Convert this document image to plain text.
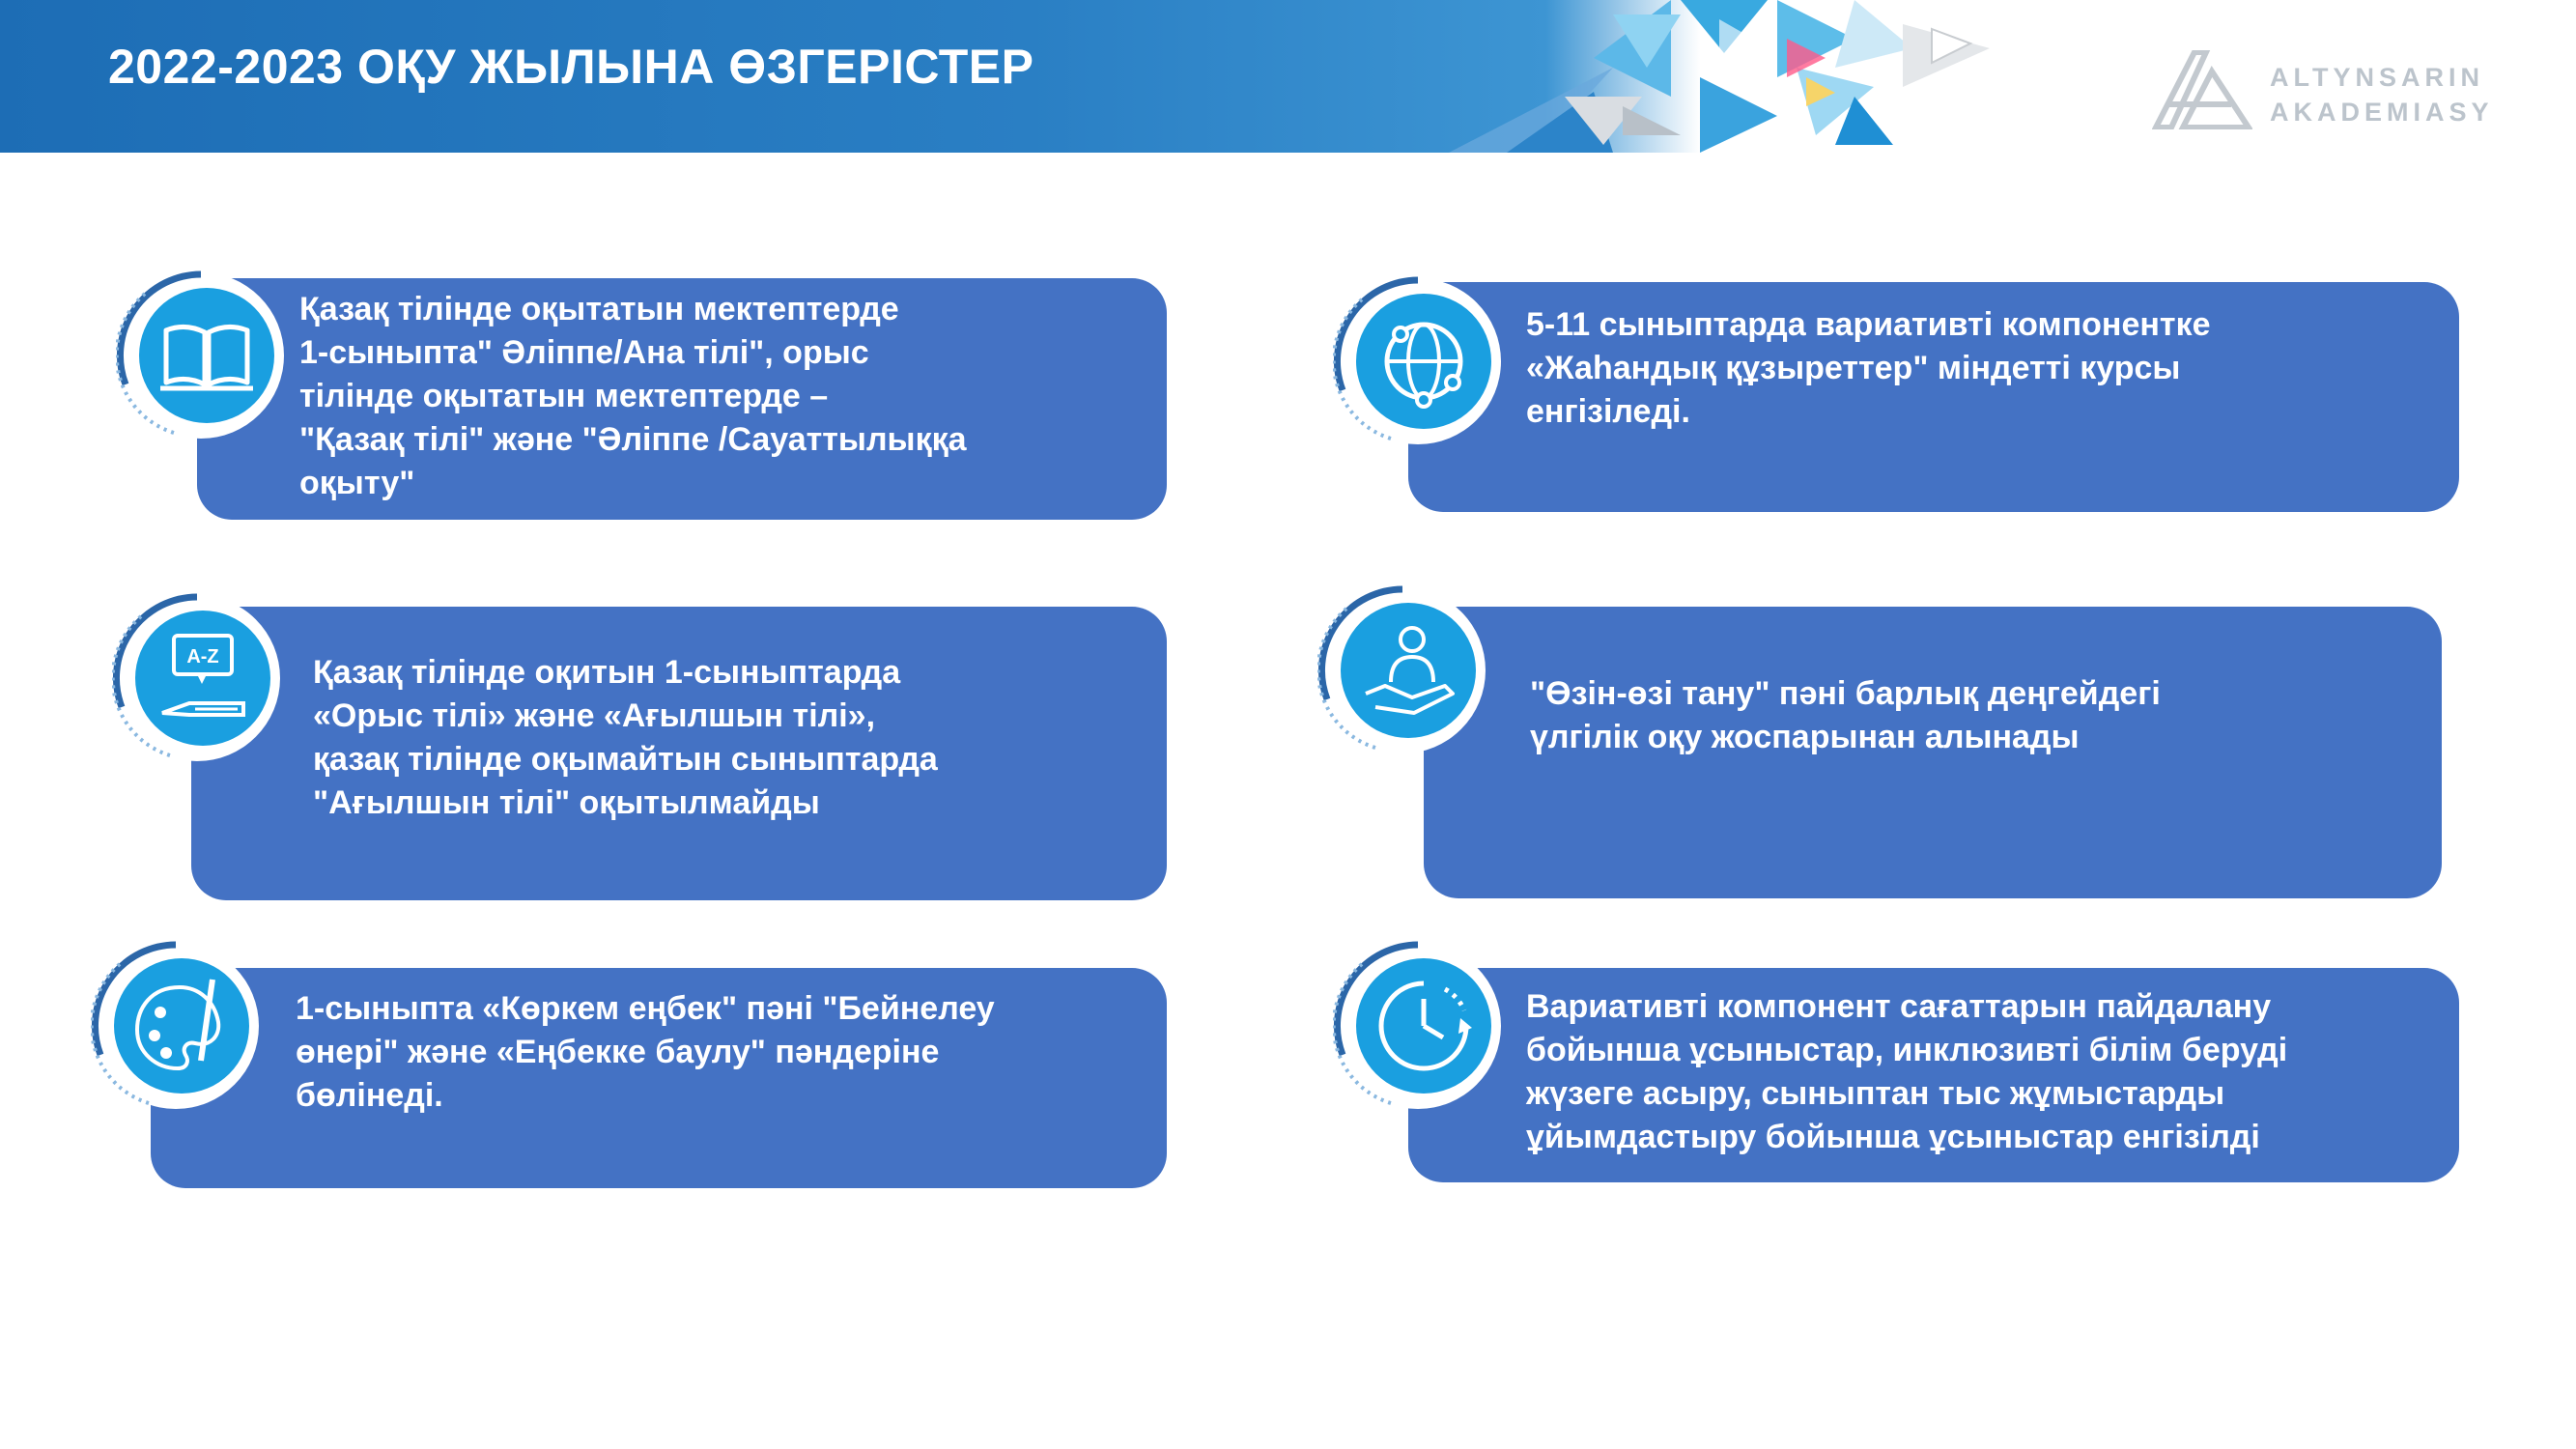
2022-2023 ОҚУ ЖЫЛЫНА ӨЗГЕРІСТЕР	ALTYNSARIN
AKADEMIASY
Қазақ тілінде оқытатын мектептерде
1-сыныпта" Әліппе/Ана тілі", орыс
тілінде оқытатын мектептерде –
"Қазақ тілі" және "Әліппе /Сауаттылыққа
оқыту"
5-11 сыныптарда вариативті компонентке
«Жаһандық құзыреттер" міндетті курсы
енгізіледі.
Қазақ тілінде оқитын 1-сыныптарда
«Орыс тілі» және «Ағылшын тілі»,
қазақ тілінде оқымайтын сыныптарда
"Ағылшын тілі" оқытылмайды
A-Z
"Өзін-өзі тану" пәні барлық деңгейдегі
үлгілік оқу жоспарынан алынады
1-сыныпта «Көркем еңбек" пәні "Бейнелеу
өнері" және «Еңбекке баулу" пәндеріне
бөлінеді.
Вариативті компонент сағаттарын пайдалану
бойынша ұсыныстар, инклюзивті білім беруді
жүзеге асыру, сыныптан тыс жұмыстарды
ұйымдастыру бойынша ұсыныстар енгізілді
